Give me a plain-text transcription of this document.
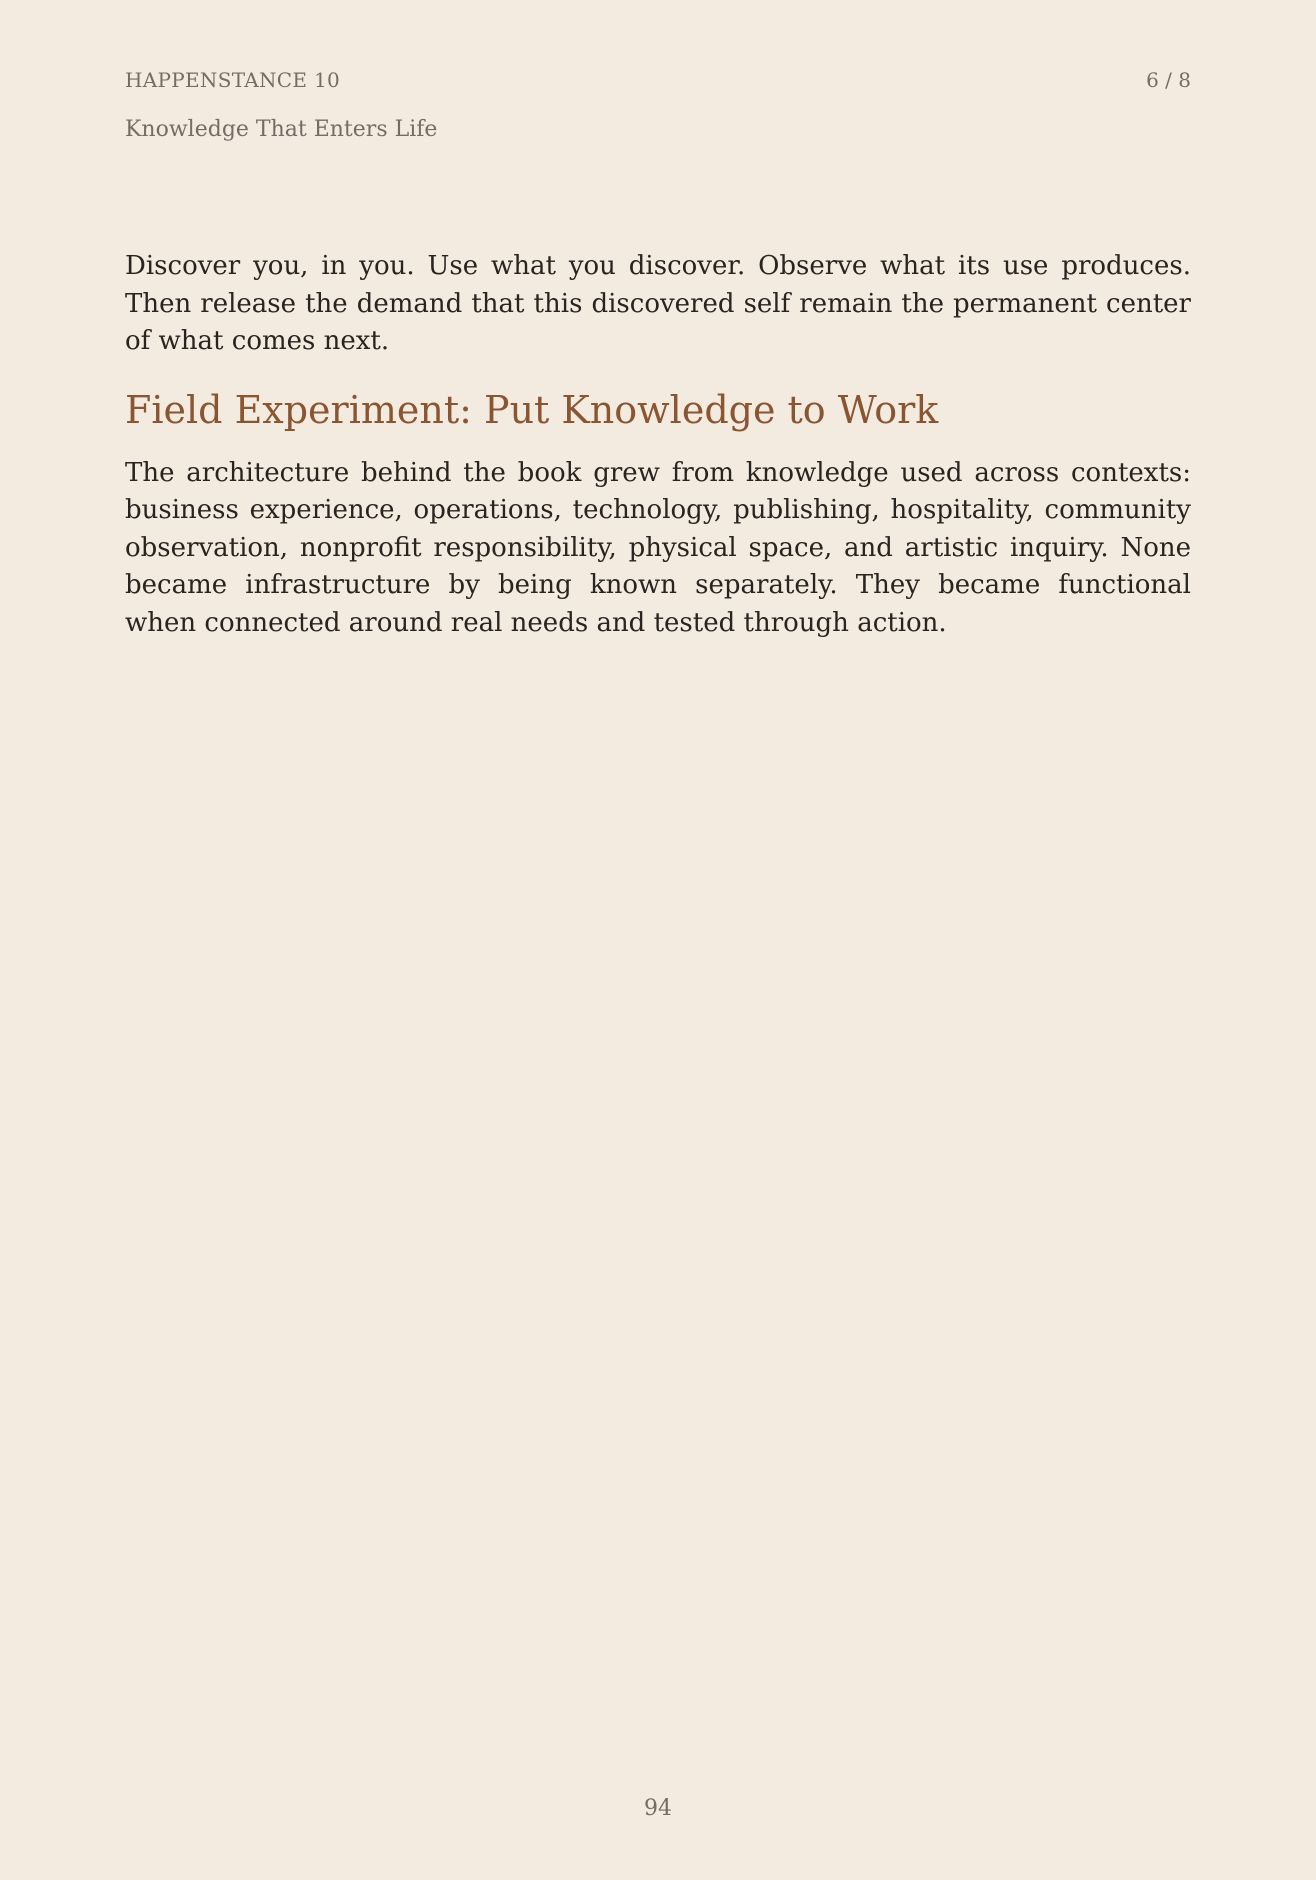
HAPPENSTANCE 10	6 / 8
Knowledge That Enters Life

Discover you, in you. Use what you discover. Observe what its use produces. Then release the demand that this discovered self remain the permanent center of what comes next.

Field Experiment: Put Knowledge to Work

The architecture behind the book grew from knowledge used across contexts: business experience, operations, technology, publishing, hospitality, community observation, nonprofit responsibility, physical space, and artistic inquiry. None became infrastructure by being known separately. They became functional when connected around real needs and tested through action.

94
